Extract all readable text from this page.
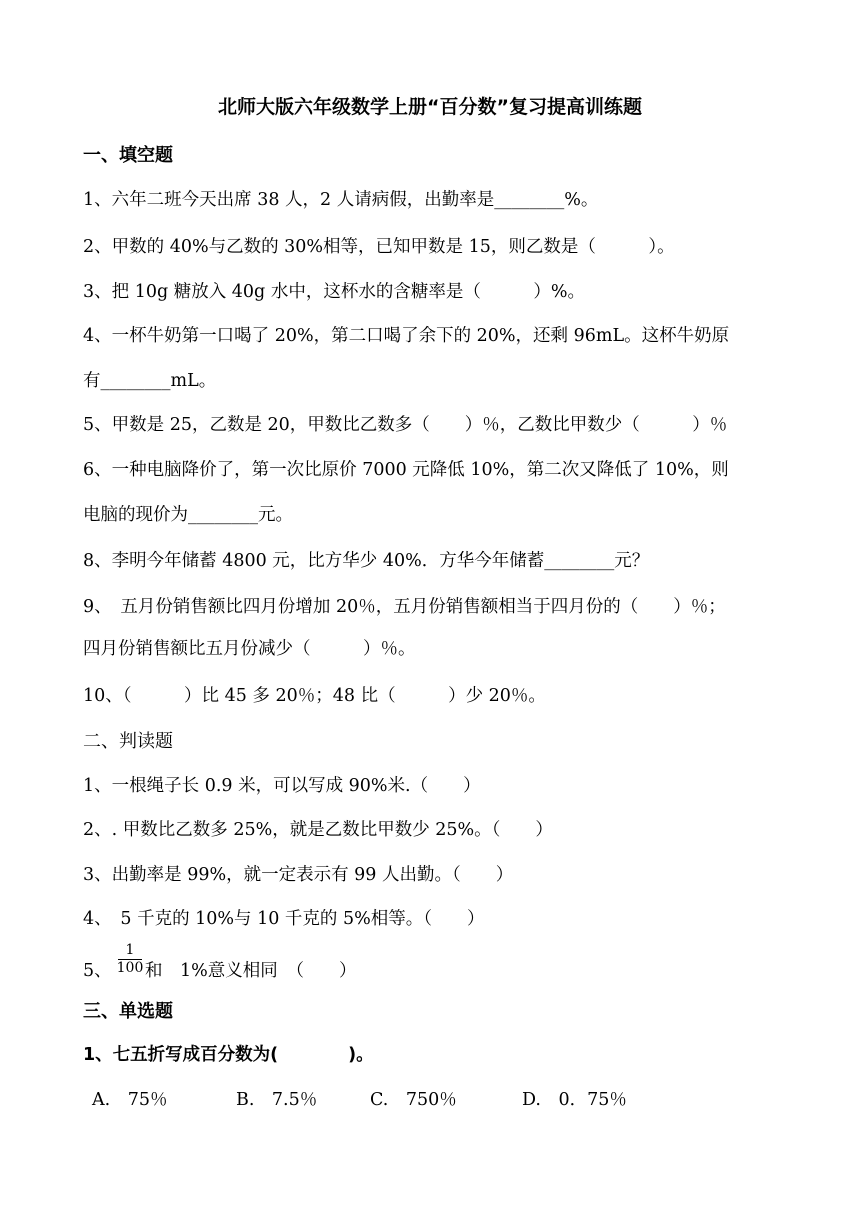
北师大版六年级数学上册“百分数”复习提高训练题
一、填空题
1、六年二班今天出席 38 人，2 人请病假，出勤率是________%。
2、甲数的 40%与乙数的 30%相等，已知甲数是 15，则乙数是（　　　）。
3、把 10g 糖放入 40g 水中，这杯水的含糖率是（　　　）%。
4、一杯牛奶第一口喝了 20%，第二口喝了余下的 20%，还剩 96mL。这杯牛奶原
有________mL。
5、甲数是 25，乙数是 20，甲数比乙数多（　　）％，乙数比甲数少（　　　）％
6、一种电脑降价了，第一次比原价 7000 元降低 10%，第二次又降低了 10%，则
电脑的现价为________元。
8、李明今年储蓄 4800 元，比方华少 40%．方华今年储蓄________元？
9、　五月份销售额比四月份增加 20％，五月份销售额相当于四月份的（　　）％；
四月份销售额比五月份减少（　　　）％。
10、（　　　）比 45 多 20％；48 比（　　　）少 20％。
二、判读题
1、一根绳子长 0.9 米，可以写成 90%米.（　　）
2、. 甲数比乙数多 25%，就是乙数比甲数少 25%。（　　）
3、出勤率是 99%，就一定表示有 99 人出勤。（　　）
4、　5 千克的 10%与 10 千克的 5%相等。（　　）
5、
1
100 和　1%意义相同　（　　）
三、单选题
1、七五折写成百分数为(　　　　)。
A.　75％	B.　7.5％	C.　750％	D.　0．75％
